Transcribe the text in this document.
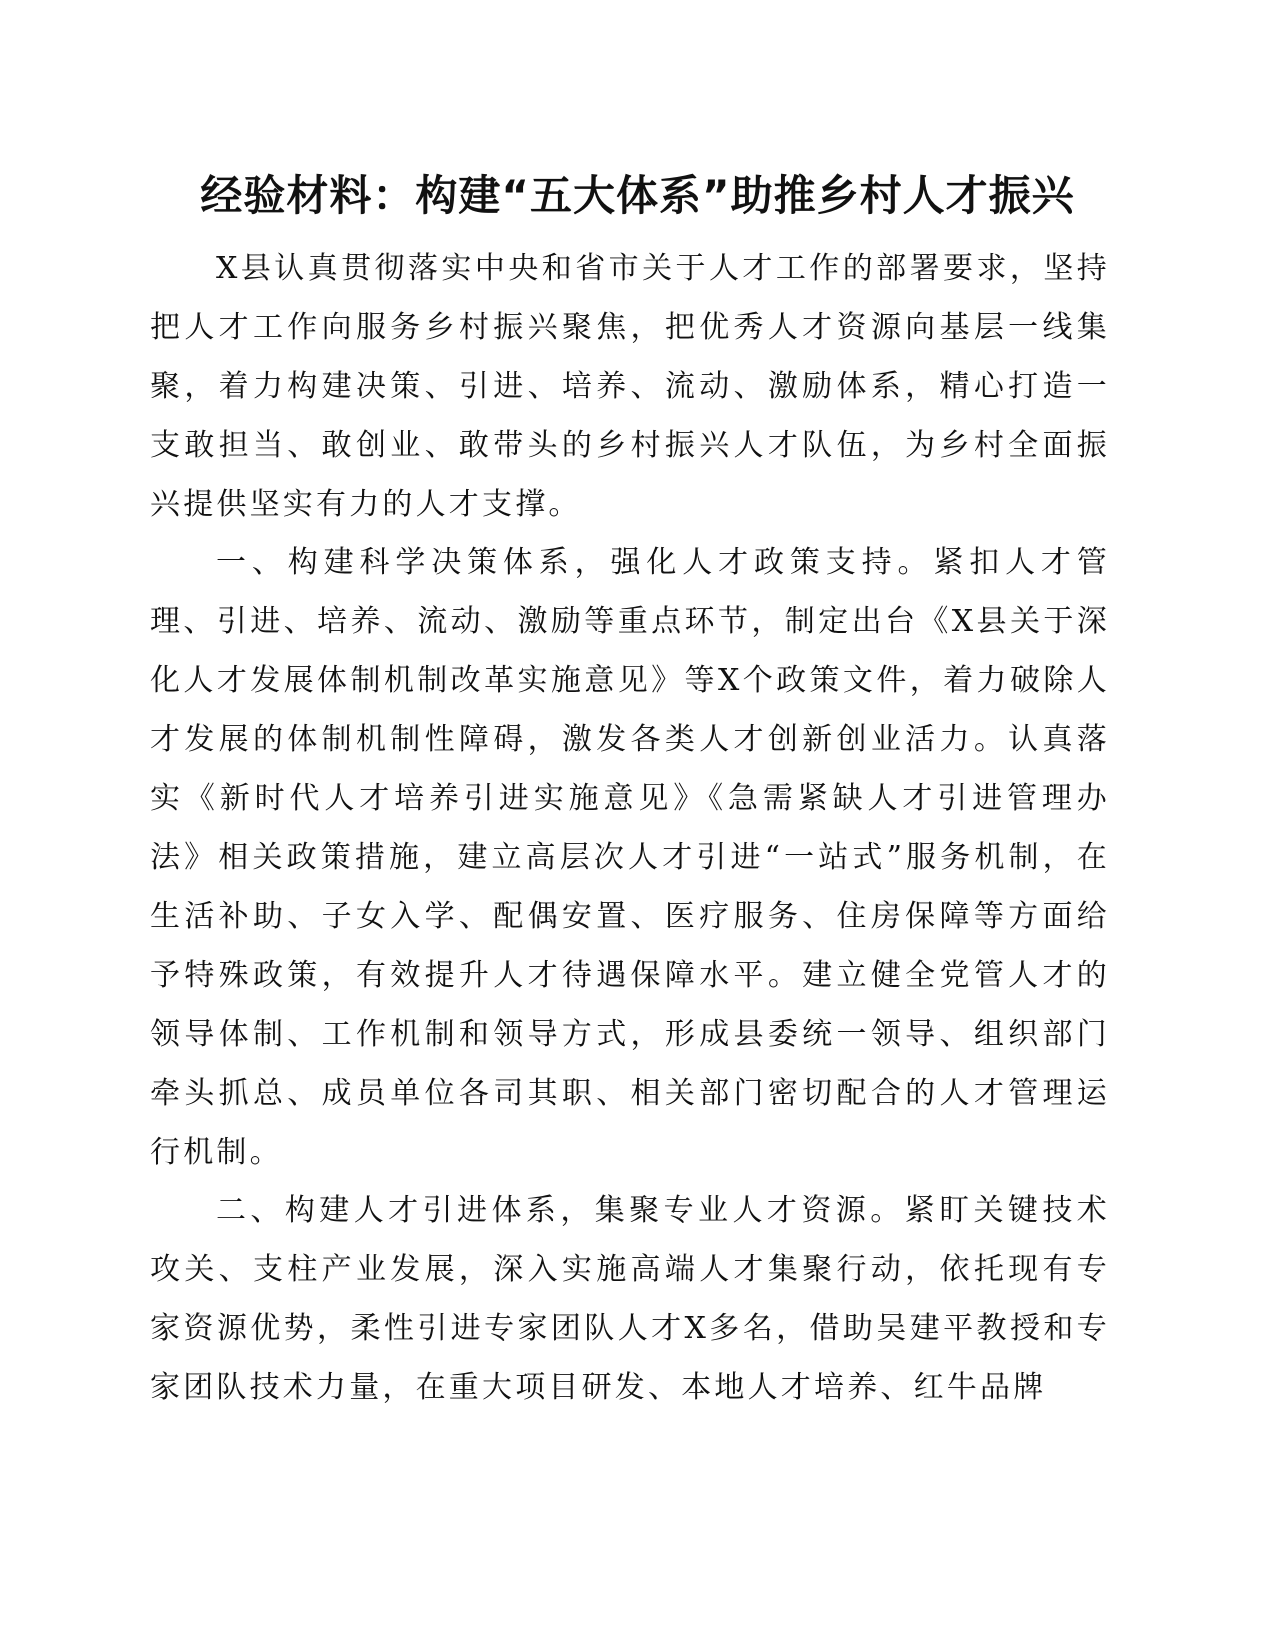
经验材料：构建“五大体系”助推乡村人才振兴

X县认真贯彻落实中央和省市关于人才工作的部署要求，坚持把人才工作向服务乡村振兴聚焦，把优秀人才资源向基层一线集聚，着力构建决策、引进、培养、流动、激励体系，精心打造一支敢担当、敢创业、敢带头的乡村振兴人才队伍，为乡村全面振兴提供坚实有力的人才支撑。

一、构建科学决策体系，强化人才政策支持。紧扣人才管理、引进、培养、流动、激励等重点环节，制定出台《X县关于深化人才发展体制机制改革实施意见》等X个政策文件，着力破除人才发展的体制机制性障碍，激发各类人才创新创业活力。认真落实《新时代人才培养引进实施意见》《急需紧缺人才引进管理办法》相关政策措施，建立高层次人才引进“一站式”服务机制，在生活补助、子女入学、配偶安置、医疗服务、住房保障等方面给予特殊政策，有效提升人才待遇保障水平。建立健全党管人才的领导体制、工作机制和领导方式，形成县委统一领导、组织部门牵头抓总、成员单位各司其职、相关部门密切配合的人才管理运行机制。

二、构建人才引进体系，集聚专业人才资源。紧盯关键技术攻关、支柱产业发展，深入实施高端人才集聚行动，依托现有专家资源优势，柔性引进专家团队人才X多名，借助吴建平教授和专家团队技术力量，在重大项目研发、本地人才培养、红牛品牌
